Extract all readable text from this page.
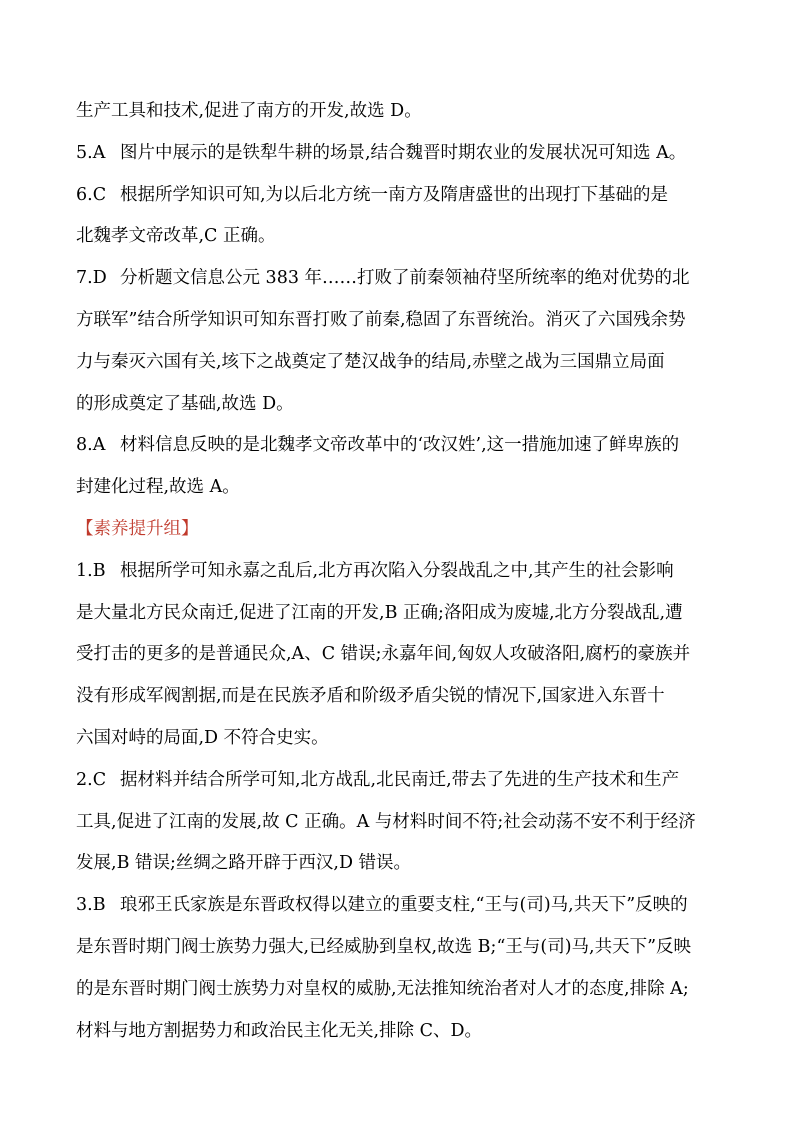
生产工具和技术,促进了南方的开发,故选 D。
5.A 图片中展示的是铁犁牛耕的场景,结合魏晋时期农业的发展状况可知选 A。
6.C 根据所学知识可知,为以后北方统一南方及隋唐盛世的出现打下基础的是
北魏孝文帝改革,C 正确。
7.D 分析题文信息公元 383 年……打败了前秦领袖苻坚所统率的绝对优势的北
方联军”结合所学知识可知东晋打败了前秦,稳固了东晋统治。消灭了六国残余势
力与秦灭六国有关,垓下之战奠定了楚汉战争的结局,赤壁之战为三国鼎立局面
的形成奠定了基础,故选 D。
8.A 材料信息反映的是北魏孝文帝改革中的‘改汉姓’,这一措施加速了鲜卑族的
封建化过程,故选 A。
【素养提升组】
1.B 根据所学可知永嘉之乱后,北方再次陷入分裂战乱之中,其产生的社会影响
是大量北方民众南迁,促进了江南的开发,B 正确;洛阳成为废墟,北方分裂战乱,遭
受打击的更多的是普通民众,A、C 错误;永嘉年间,匈奴人攻破洛阳,腐朽的豪族并
没有形成军阀割据,而是在民族矛盾和阶级矛盾尖锐的情况下,国家进入东晋十
六国对峙的局面,D 不符合史实。
2.C 据材料并结合所学可知,北方战乱,北民南迁,带去了先进的生产技术和生产
工具,促进了江南的发展,故 C 正确。A 与材料时间不符;社会动荡不安不利于经济
发展,B 错误;丝绸之路开辟于西汉,D 错误。
3.B 琅邪王氏家族是东晋政权得以建立的重要支柱,“王与(司)马,共天下”反映的
是东晋时期门阀士族势力强大,已经威胁到皇权,故选 B;“王与(司)马,共天下”反映
的是东晋时期门阀士族势力对皇权的威胁,无法推知统治者对人才的态度,排除 A;
材料与地方割据势力和政治民主化无关,排除 C、D。
